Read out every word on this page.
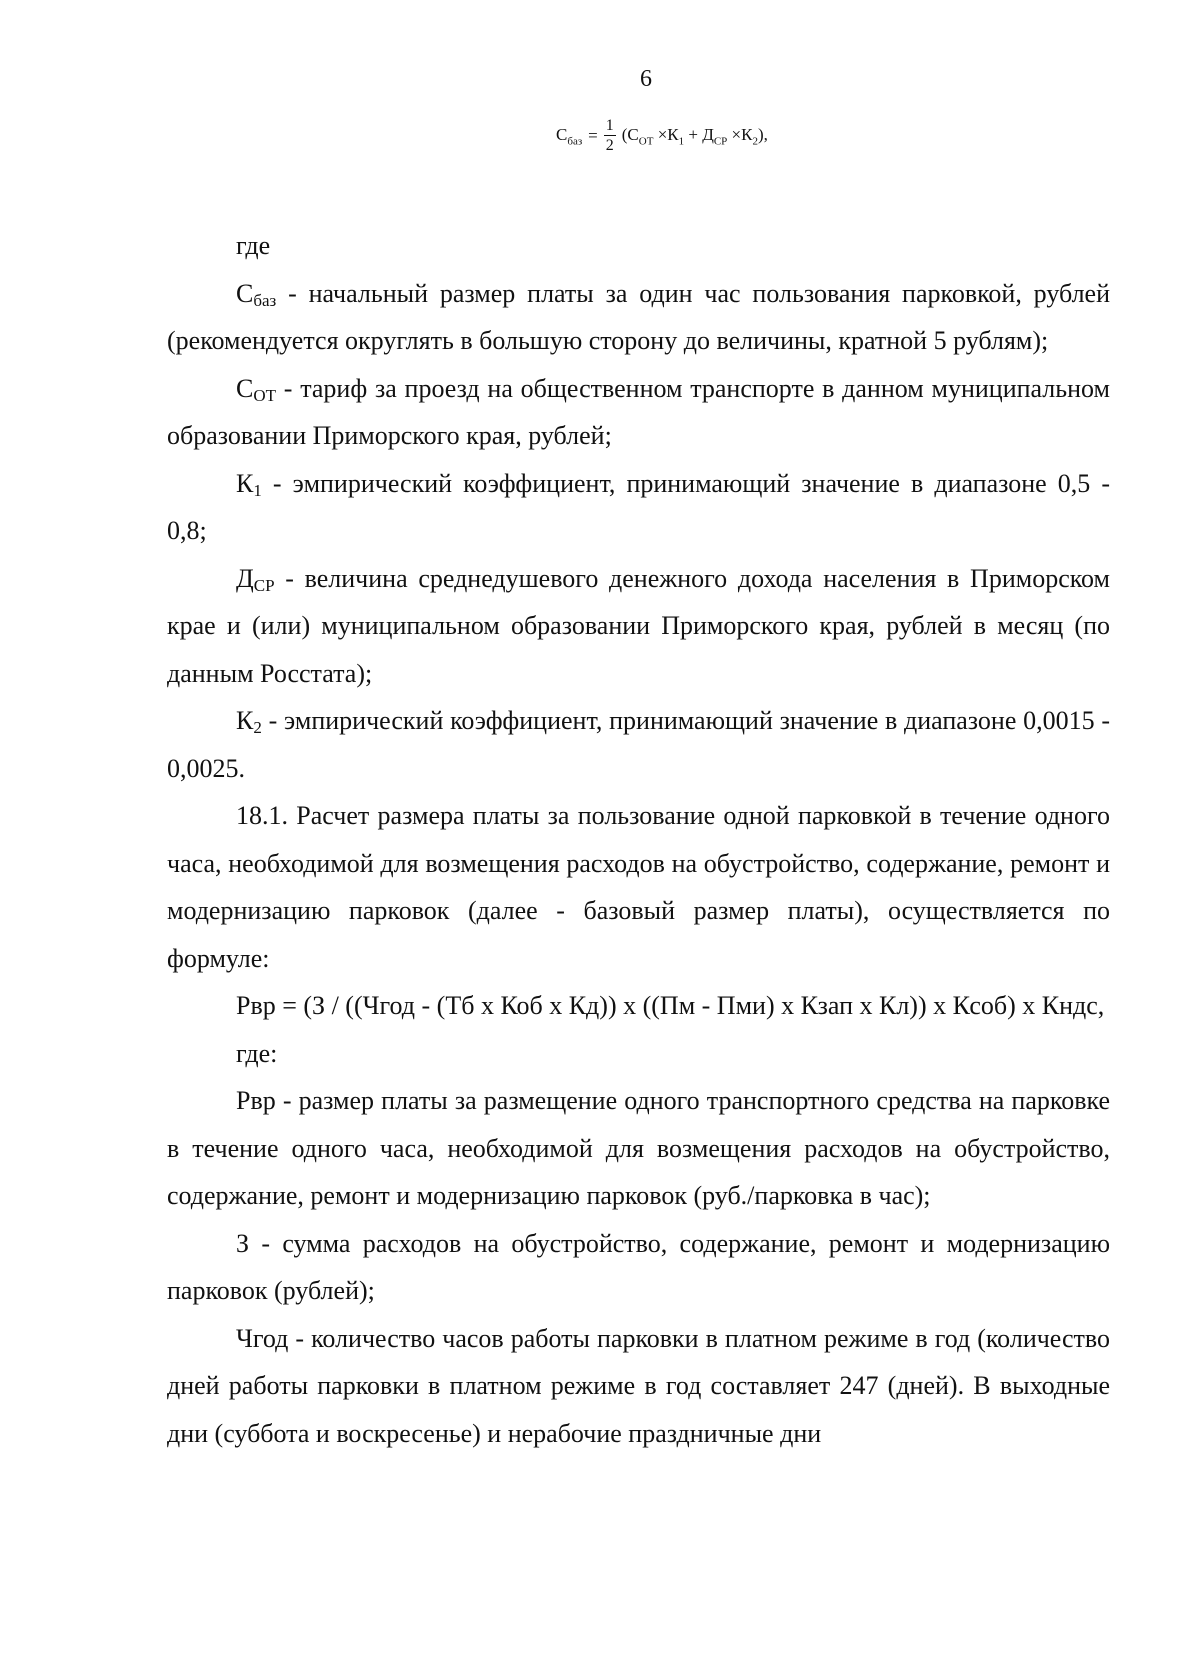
6
$С_{баз} = \frac{1}{2} (С_{ОТ} \times К_1 + Д_{СР} \times К_2)$,

где

$С_{баз}$ - начальный размер платы за один час пользования парковкой, рублей (рекомендуется округлять в большую сторону до величины, кратной 5 рублям);

$С_{ОТ}$ - тариф за проезд на общественном транспорте в данном муниципальном образовании Приморского края, рублей;

$К_1$ - эмпирический коэффициент, принимающий значение в диапазоне 0,5 - 0,8;

$Д_{СР}$ - величина среднедушевого денежного дохода населения в Приморском крае и (или) муниципальном образовании Приморского края, рублей в месяц (по данным Росстата);

$К_2$ - эмпирический коэффициент, принимающий значение в диапазоне 0,0015 - 0,0025.

18.1. Расчет размера платы за пользование одной парковкой в течение одного часа, необходимой для возмещения расходов на обустройство, содержание, ремонт и модернизацию парковок (далее - базовый размер платы), осуществляется по формуле:

Рвр = (З / ((Чгод - (Тб х Коб х Кд)) х ((Пм - Пми) х Кзап х Кл)) х Ксоб) х Кндс,

где:

Рвр - размер платы за размещение одного транспортного средства на парковке в течение одного часа, необходимой для возмещения расходов на обустройство, содержание, ремонт и модернизацию парковок (руб./парковка в час);

З - сумма расходов на обустройство, содержание, ремонт и модернизацию парковок (рублей);

Чгод - количество часов работы парковки в платном режиме в год (количество дней работы парковки в платном режиме в год составляет 247 (дней). В выходные дни (суббота и воскресенье) и нерабочие праздничные дни
